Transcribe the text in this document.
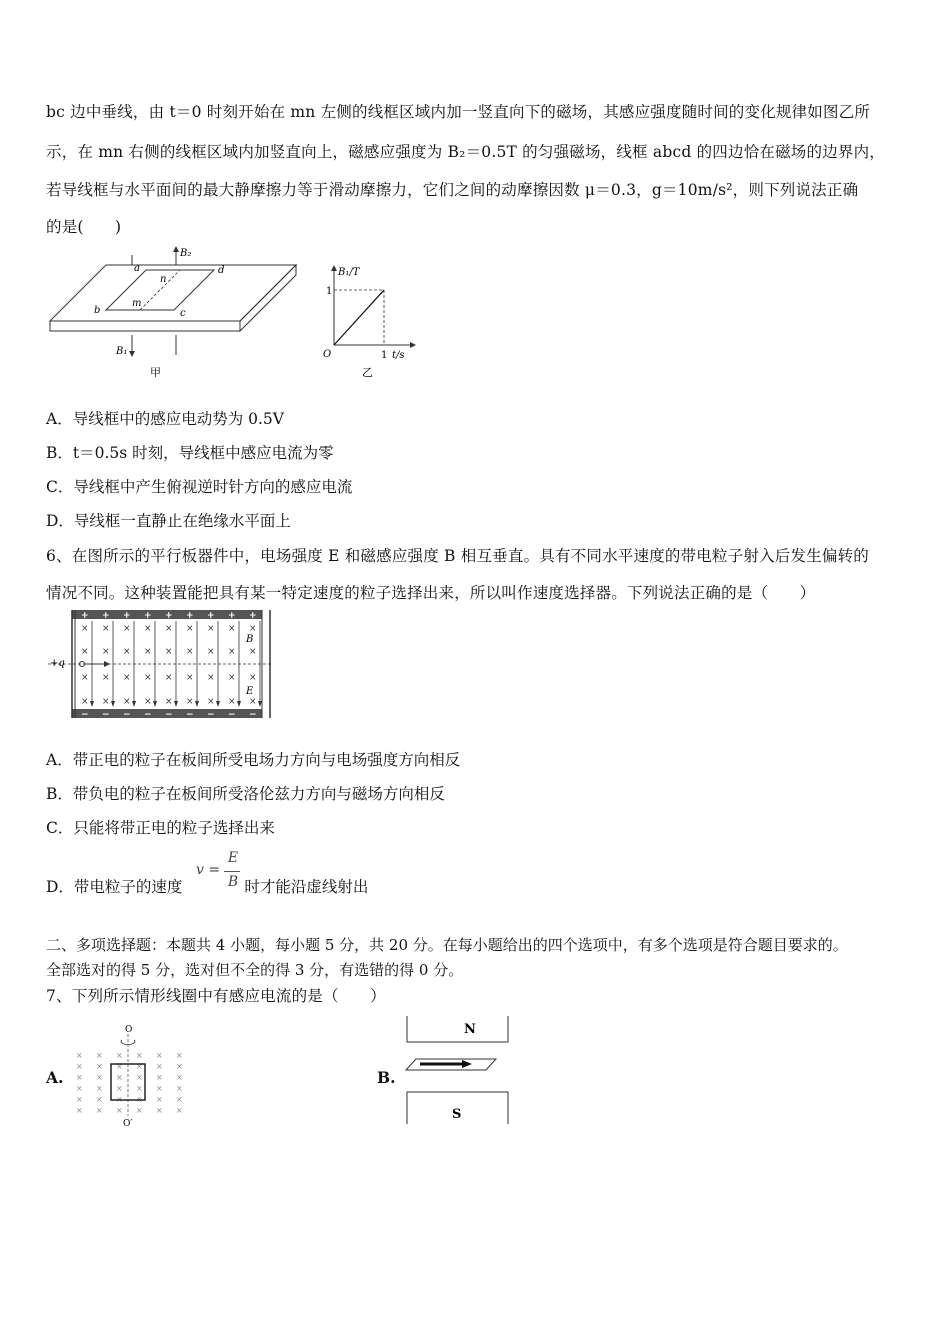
bc 边中垂线，由 t＝0 时刻开始在 mn 左侧的线框区域内加一竖直向下的磁场，其感应强度随时间的变化规律如图乙所
示，在 mn 右侧的线框区域内加竖直向上，磁感应强度为 B₂＝0.5T 的匀强磁场，线框 abcd 的四边恰在磁场的边界内，
若导线框与水平面间的最大静摩擦力等于滑动摩擦力，它们之间的动摩擦因数 μ＝0.3，g＝10m/s²，则下列说法正确
的是(　　)
a
b	c
d
m
n
B₁
B₂
甲
B₁/T
t/s
O
1
1
乙
A．导线框中的感应电动势为 0.5V
B．t＝0.5s 时刻，导线框中感应电流为零
C．导线框中产生俯视逆时针方向的感应电流
D．导线框一直静止在绝缘水平面上
6、在图所示的平行板器件中，电场强度 E 和磁感应强度 B 相互垂直。具有不同水平速度的带电粒子射入后发生偏转的
情况不同。这种装置能把具有某一特定速度的粒子选择出来，所以叫作速度选择器。下列说法正确的是（　　）
+ + + + + + + + +
− − − − − − − − −
×
×
×
×
×
×
×
×
×
×
×
×
×
×
×
×
×
×
×
×
×
×
×
×
×
×
×
×
×
×
×
×
×
×
×
×
+q
B
E
A．带正电的粒子在板间所受电场力方向与电场强度方向相反
B．带负电的粒子在板间所受洛伦兹力方向与磁场方向相反
C．只能将带正电的粒子选择出来
D．带电粒子的速度	时才能沿虚线射出
v =
E
B
二、多项选择题：本题共 4 小题，每小题 5 分，共 20 分。在每小题给出的四个选项中，有多个选项是符合题目要求的。
全部选对的得 5 分，选对但不全的得 3 分，有选错的得 0 分。
7、下列所示情形线圈中有感应电流的是（　　）
A.
× × × × × ×
× × × × × ×
× × × × × ×
× × × × × ×
× × × × × ×
× × × × × ×
O
O′
B.
N
S
